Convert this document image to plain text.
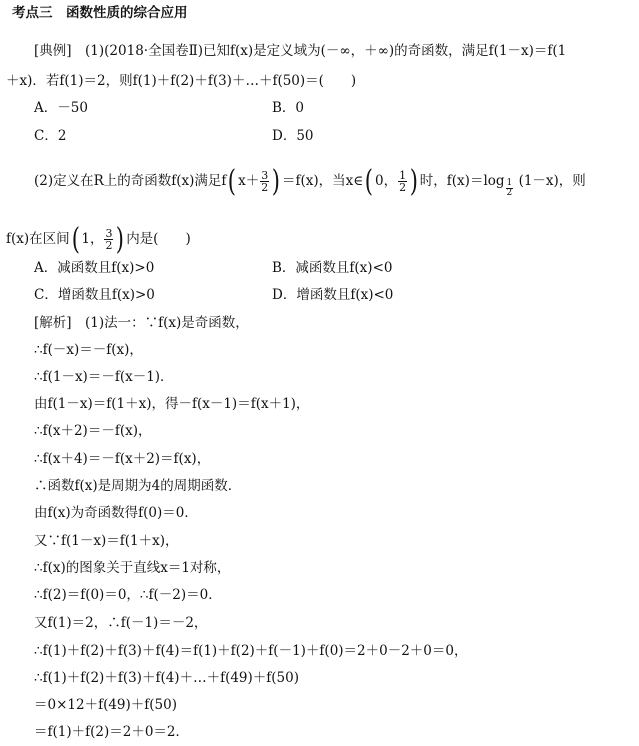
考点三　函数性质的综合应用
[典例]　(1)(2018·全国卷Ⅱ)已知f(x)是定义域为(－∞，＋∞)的奇函数，满足f(1－x)＝f(1
＋x)．若f(1)＝2，则f(1)＋f(2)＋f(3)＋…＋f(50)＝(　　)
A．－50	B．0
C．2	D．50
(2)定义在R上的奇函数f(x)满足f( $x+ \frac{3}{2}$ ) ＝f(x)，当x∈( 0， $\frac{1}{2}$ ) 时，f(x)＝log $_{\frac{1}{2}}$ (1－x)，则
f(x)在区间( 1， $\frac{3}{2}$ ) 内是(　　)
A．减函数且f(x)>0	B．减函数且f(x)<0
C．增函数且f(x)>0	D．增函数且f(x)<0
[解析]　(1)法一：∵f(x)是奇函数，
∴f(－x)＝－f(x)，
∴f(1－x)＝－f(x－1)．
由f(1－x)＝f(1＋x)，得－f(x－1)＝f(x＋1)，
∴f(x＋2)＝－f(x)，
∴f(x＋4)＝－f(x＋2)＝f(x)，
∴函数f(x)是周期为4的周期函数．
由f(x)为奇函数得f(0)＝0．
又∵f(1－x)＝f(1＋x)，
∴f(x)的图象关于直线x＝1对称，
∴f(2)＝f(0)＝0，∴f(－2)＝0．
又f(1)＝2，∴f(－1)＝－2，
∴f(1)＋f(2)＋f(3)＋f(4)＝f(1)＋f(2)＋f(－1)＋f(0)＝2＋0－2＋0＝0，
∴f(1)＋f(2)＋f(3)＋f(4)＋…＋f(49)＋f(50)
＝0×12＋f(49)＋f(50)
＝f(1)＋f(2)＝2＋0＝2．
